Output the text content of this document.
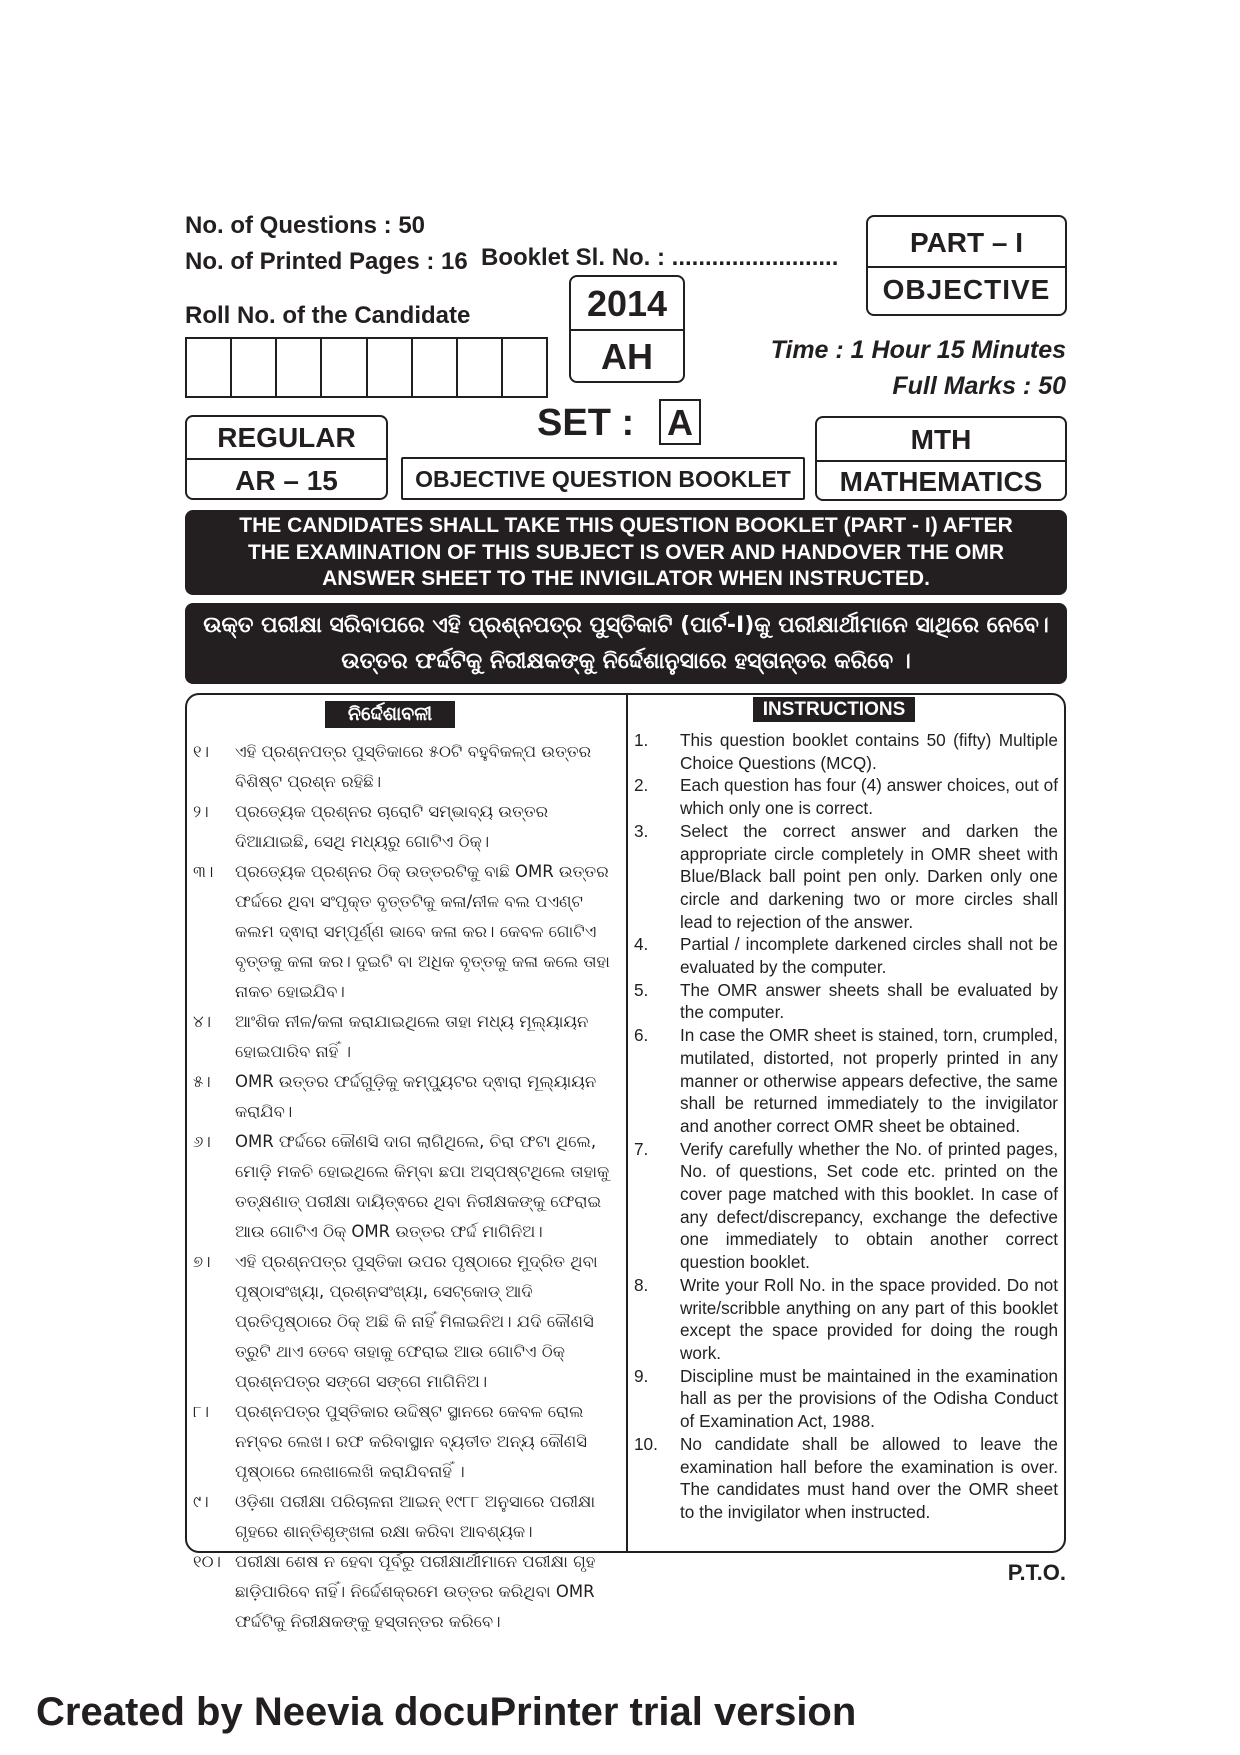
No. of Questions : 50
No. of Printed Pages : 16 Booklet Sl. No. : .........................
Roll No. of the Candidate	2014
AH
PART – I
OBJECTIVE
Time : 1 Hour 15 Minutes
Full Marks : 50
REGULAR
AR – 15
SET : A
OBJECTIVE QUESTION BOOKLET
MTH
MATHEMATICS
THE CANDIDATES SHALL TAKE THIS QUESTION BOOKLET (PART - I) AFTER
THE EXAMINATION OF THIS SUBJECT IS OVER AND HANDOVER THE OMR
ANSWER SHEET TO THE INVIGILATOR WHEN INSTRUCTED.
ଉକ୍ତ ପରୀକ୍ଷା ସରିବାପରେ ଏହି ପ୍ରଶ୍ନପତ୍ର ପୁସ୍ତିକାଟି (ପାର୍ଟ-I)କୁ ପରୀକ୍ଷାର୍ଥୀମାନେ ସାଥିରେ ନେବେ।
ଉତ୍ତର ଫର୍ଦ୍ଦଟିକୁ ନିରୀକ୍ଷକଙ୍କୁ ନିର୍ଦ୍ଦେଶାନୁସାରେ ହସ୍ତାନ୍ତର କରିବେ ।
ନିର୍ଦ୍ଦେଶାବଳୀ	INSTRUCTIONS
୧।	ଏହି ପ୍ରଶ୍ନପତ୍ର ପୁସ୍ତିକାରେ ୫୦ଟି ବହୁବିକଳ୍ପ ଉତ୍ତର ବିଶିଷ୍ଟ ପ୍ରଶ୍ନ ରହିଛି।
୨।	ପ୍ରତ୍ୟେକ ପ୍ରଶ୍ନର ଚାରୋଟି ସମ୍ଭାବ୍ୟ ଉତ୍ତର ଦିଆଯାଇଛି, ସେଥି ମଧ୍ୟରୁ ଗୋଟିଏ ଠିକ୍।
୩।	ପ୍ରତ୍ୟେକ ପ୍ରଶ୍ନର ଠିକ୍ ଉତ୍ତରଟିକୁ ବାଛି OMR ଉତ୍ତର ଫର୍ଦ୍ଦରେ ଥିବା ସଂପୃକ୍ତ ବୃତ୍ତଟିକୁ କଳା/ନୀଳ ବଲ ପଏଣ୍ଟ କଲମ ଦ୍ଵାରା ସମ୍ପୂର୍ଣ୍ଣ ଭାବେ କଳା କର। କେବଳ ଗୋଟିଏ ବୃତ୍ତକୁ କଳା କର। ଦୁଇଟି ବା ଅଧିକ ବୃତ୍ତକୁ କଳା କଲେ ତାହା ନାକଚ ହୋଇଯିବ।
୪।	ଆଂଶିକ ନୀଳ/କଳା କରାଯାଇଥିଲେ ତାହା ମଧ୍ୟ ମୂଲ୍ୟାୟନ ହୋଇପାରିବ ନାହିଁ ।
୫।	OMR ଉତ୍ତର ଫର୍ଦ୍ଦଗୁଡ଼ିକୁ କମ୍ପ୍ୟୁଟର ଦ୍ଵାରା ମୂଲ୍ୟାୟନ କରାଯିବ।
୬।	OMR ଫର୍ଦ୍ଦରେ କୌଣସି ଦାଗ ଲାଗିଥିଲେ, ଚିରା ଫଟା ଥିଲେ, ମୋଡ଼ି ମକଚି ହୋଇଥିଲେ କିମ୍ବା ଛପା ଅସ୍ପଷ୍ଟଥିଲେ ତାହାକୁ ତତ୍‌କ୍ଷଣାତ୍ ପରୀକ୍ଷା ଦାୟିତ୍ଵରେ ଥିବା ନିରୀକ୍ଷକଙ୍କୁ ଫେରାଇ ଆଉ ଗୋଟିଏ ଠିକ୍ OMR ଉତ୍ତର ଫର୍ଦ୍ଦ ମାଗିନିଅ।
୭।	ଏହି ପ୍ରଶ୍ନପତ୍ର ପୁସ୍ତିକା ଉପର ପୃଷ୍ଠାରେ ମୁଦ୍ରିତ ଥିବା ପୃଷ୍ଠାସଂଖ୍ୟା, ପ୍ରଶ୍ନସଂଖ୍ୟା, ସେଟ୍‌କୋଡ୍ ଆଦି ପ୍ରତିପୃଷ୍ଠାରେ ଠିକ୍ ଅଛି କି ନାହିଁ ମିଳାଇନିଅ। ଯଦି କୌଣସି ତ୍ରୁଟି ଥାଏ ତେବେ ତାହାକୁ ଫେରାଇ ଆଉ ଗୋଟିଏ ଠିକ୍ ପ୍ରଶ୍ନପତ୍ର ସଙ୍ଗେ ସଙ୍ଗେ ମାଗିନିଅ।
୮।	ପ୍ରଶ୍ନପତ୍ର ପୁସ୍ତିକାର ଉଦ୍ଦିଷ୍ଟ ସ୍ଥାନରେ କେବଳ ରୋଲ ନମ୍ବର ଲେଖ। ରଫ କରିବାସ୍ଥାନ ବ୍ୟତୀତ ଅନ୍ୟ କୌଣସି ପୃଷ୍ଠାରେ ଲେଖାଲେଖି କରାଯିବନାହିଁ ।
୯।	ଓଡ଼ିଶା ପରୀକ୍ଷା ପରିଚାଳନା ଆଇନ୍ ୧୯୮୮ ଅନୁସାରେ ପରୀକ୍ଷା ଗୃହରେ ଶାନ୍ତିଶୃଙ୍ଖଳା ରକ୍ଷା କରିବା ଆବଶ୍ୟକ।
୧୦। ପରୀକ୍ଷା ଶେଷ ନ ହେବା ପୂର୍ବରୁ ପରୀକ୍ଷାର୍ଥୀମାନେ ପରୀକ୍ଷା ଗୃହ ଛାଡ଼ିପାରିବେ ନାହିଁ। ନିର୍ଦ୍ଦେଶକ୍ରମେ ଉତ୍ତର କରିଥିବା OMR ଫର୍ଦ୍ଦଟିକୁ ନିରୀକ୍ଷକଙ୍କୁ ହସ୍ତାନ୍ତର କରିବେ।
1.	This question booklet contains 50 (fifty) Multiple Choice Questions (MCQ).
2.	Each question has four (4) answer choices, out of which only one is correct.
3.	Select the correct answer and darken the appropriate circle completely in OMR sheet with Blue/Black ball point pen only. Darken only one circle and darkening two or more circles shall lead to rejection of the answer.
4.	Partial / incomplete darkened circles shall not be evaluated by the computer.
5.	The OMR answer sheets shall be evaluated by the computer.
6.	In case the OMR sheet is stained, torn, crumpled, mutilated, distorted, not properly printed in any manner or otherwise appears defective, the same shall be returned immediately to the invigilator and another correct OMR sheet be obtained.
7.	Verify carefully whether the No. of printed pages, No. of questions, Set code etc. printed on the cover page matched with this booklet. In case of any defect/discrepancy, exchange the defective one immediately to obtain another correct question booklet.
8.	Write your Roll No. in the space provided. Do not write/scribble anything on any part of this booklet except the space provided for doing the rough work.
9.	Discipline must be maintained in the examination hall as per the provisions of the Odisha Conduct of Examination Act, 1988.
10.	No candidate shall be allowed to leave the examination hall before the examination is over. The candidates must hand over the OMR sheet to the invigilator when instructed.
P.T.O.
Created by Neevia docuPrinter trial version
